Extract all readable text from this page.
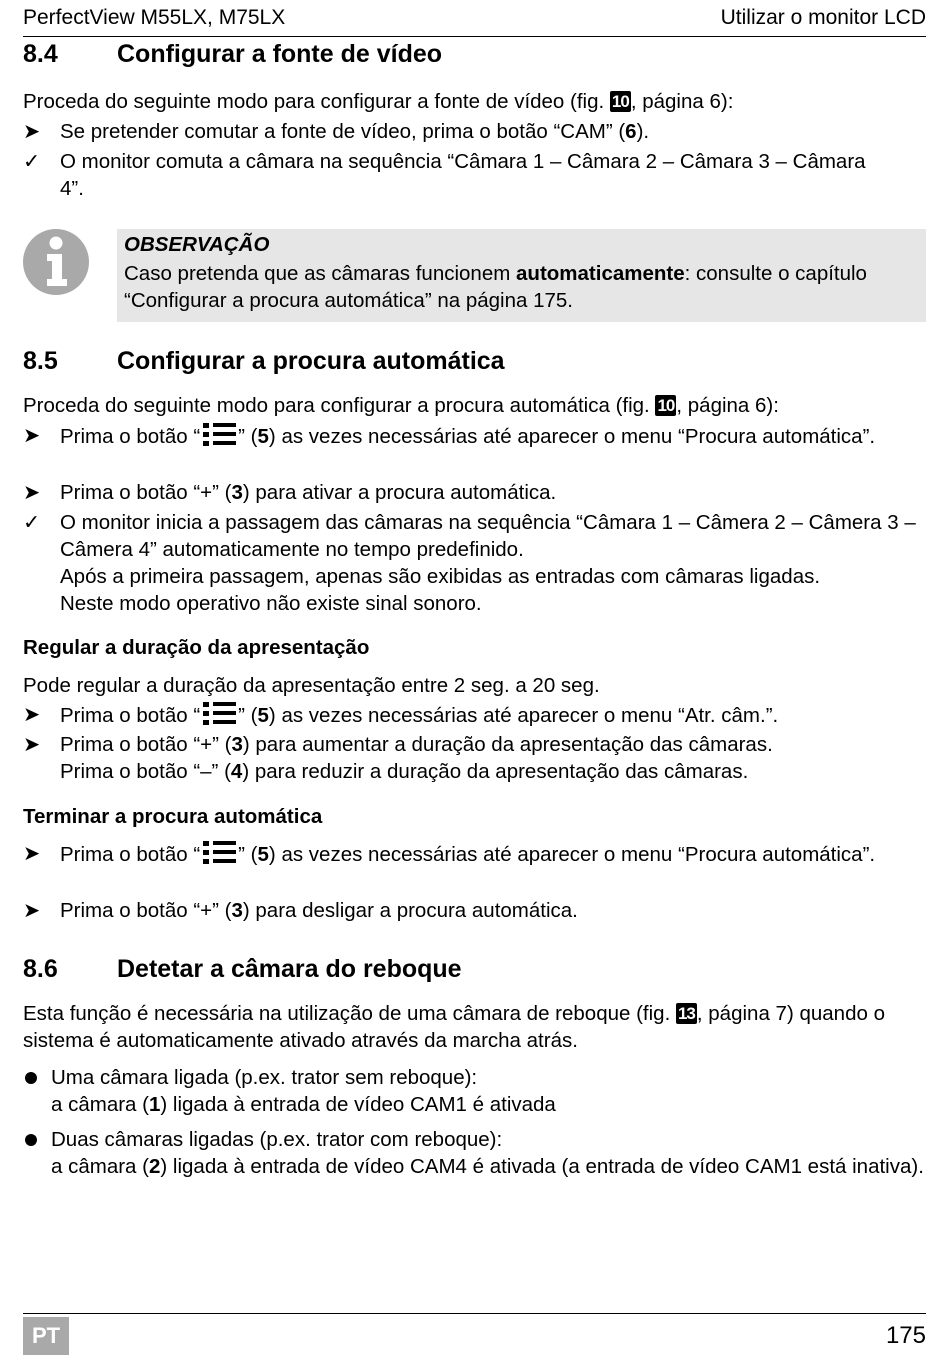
PerfectView M55LX, M75LX	Utilizar o monitor LCD
8.4 Configurar a fonte de vídeo
Proceda do seguinte modo para configurar a fonte de vídeo (fig. 10, página 6):
➤ Se pretender comutar a fonte de vídeo, prima o botão “CAM” (6).
✓ O monitor comuta a câmara na sequência “Câmara 1 – Câmara 2 – Câmara 3 – Câmara 4”.
OBSERVAÇÃO
Caso pretenda que as câmaras funcionem automaticamente: consulte o capítulo “Configurar a procura automática” na página 175.
8.5 Configurar a procura automática
Proceda do seguinte modo para configurar a procura automática (fig. 10, página 6):
➤ Prima o botão “ ” (5) as vezes necessárias até aparecer o menu “Procura automática”.
➤ Prima o botão “+” (3) para ativar a procura automática.
✓ O monitor inicia a passagem das câmaras na sequência “Câmara 1 – Câmera 2 – Câmera 3 – Câmera 4” automaticamente no tempo predefinido.
Após a primeira passagem, apenas são exibidas as entradas com câmaras ligadas.
Neste modo operativo não existe sinal sonoro.
Regular a duração da apresentação
Pode regular a duração da apresentação entre 2 seg. a 20 seg.
➤ Prima o botão “ ” (5) as vezes necessárias até aparecer o menu “Atr. câm.”.
➤ Prima o botão “+” (3) para aumentar a duração da apresentação das câmaras.
Prima o botão “–” (4) para reduzir a duração da apresentação das câmaras.
Terminar a procura automática
➤ Prima o botão “ ” (5) as vezes necessárias até aparecer o menu “Procura automática”.
➤ Prima o botão “+” (3) para desligar a procura automática.
8.6 Detetar a câmara do reboque
Esta função é necessária na utilização de uma câmara de reboque (fig. 13, página 7) quando o sistema é automaticamente ativado através da marcha atrás.
Uma câmara ligada (p.ex. trator sem reboque):
a câmara (1) ligada à entrada de vídeo CAM1 é ativada
Duas câmaras ligadas (p.ex. trator com reboque):
a câmara (2) ligada à entrada de vídeo CAM4 é ativada (a entrada de vídeo CAM1 está inativa).
PT	175
